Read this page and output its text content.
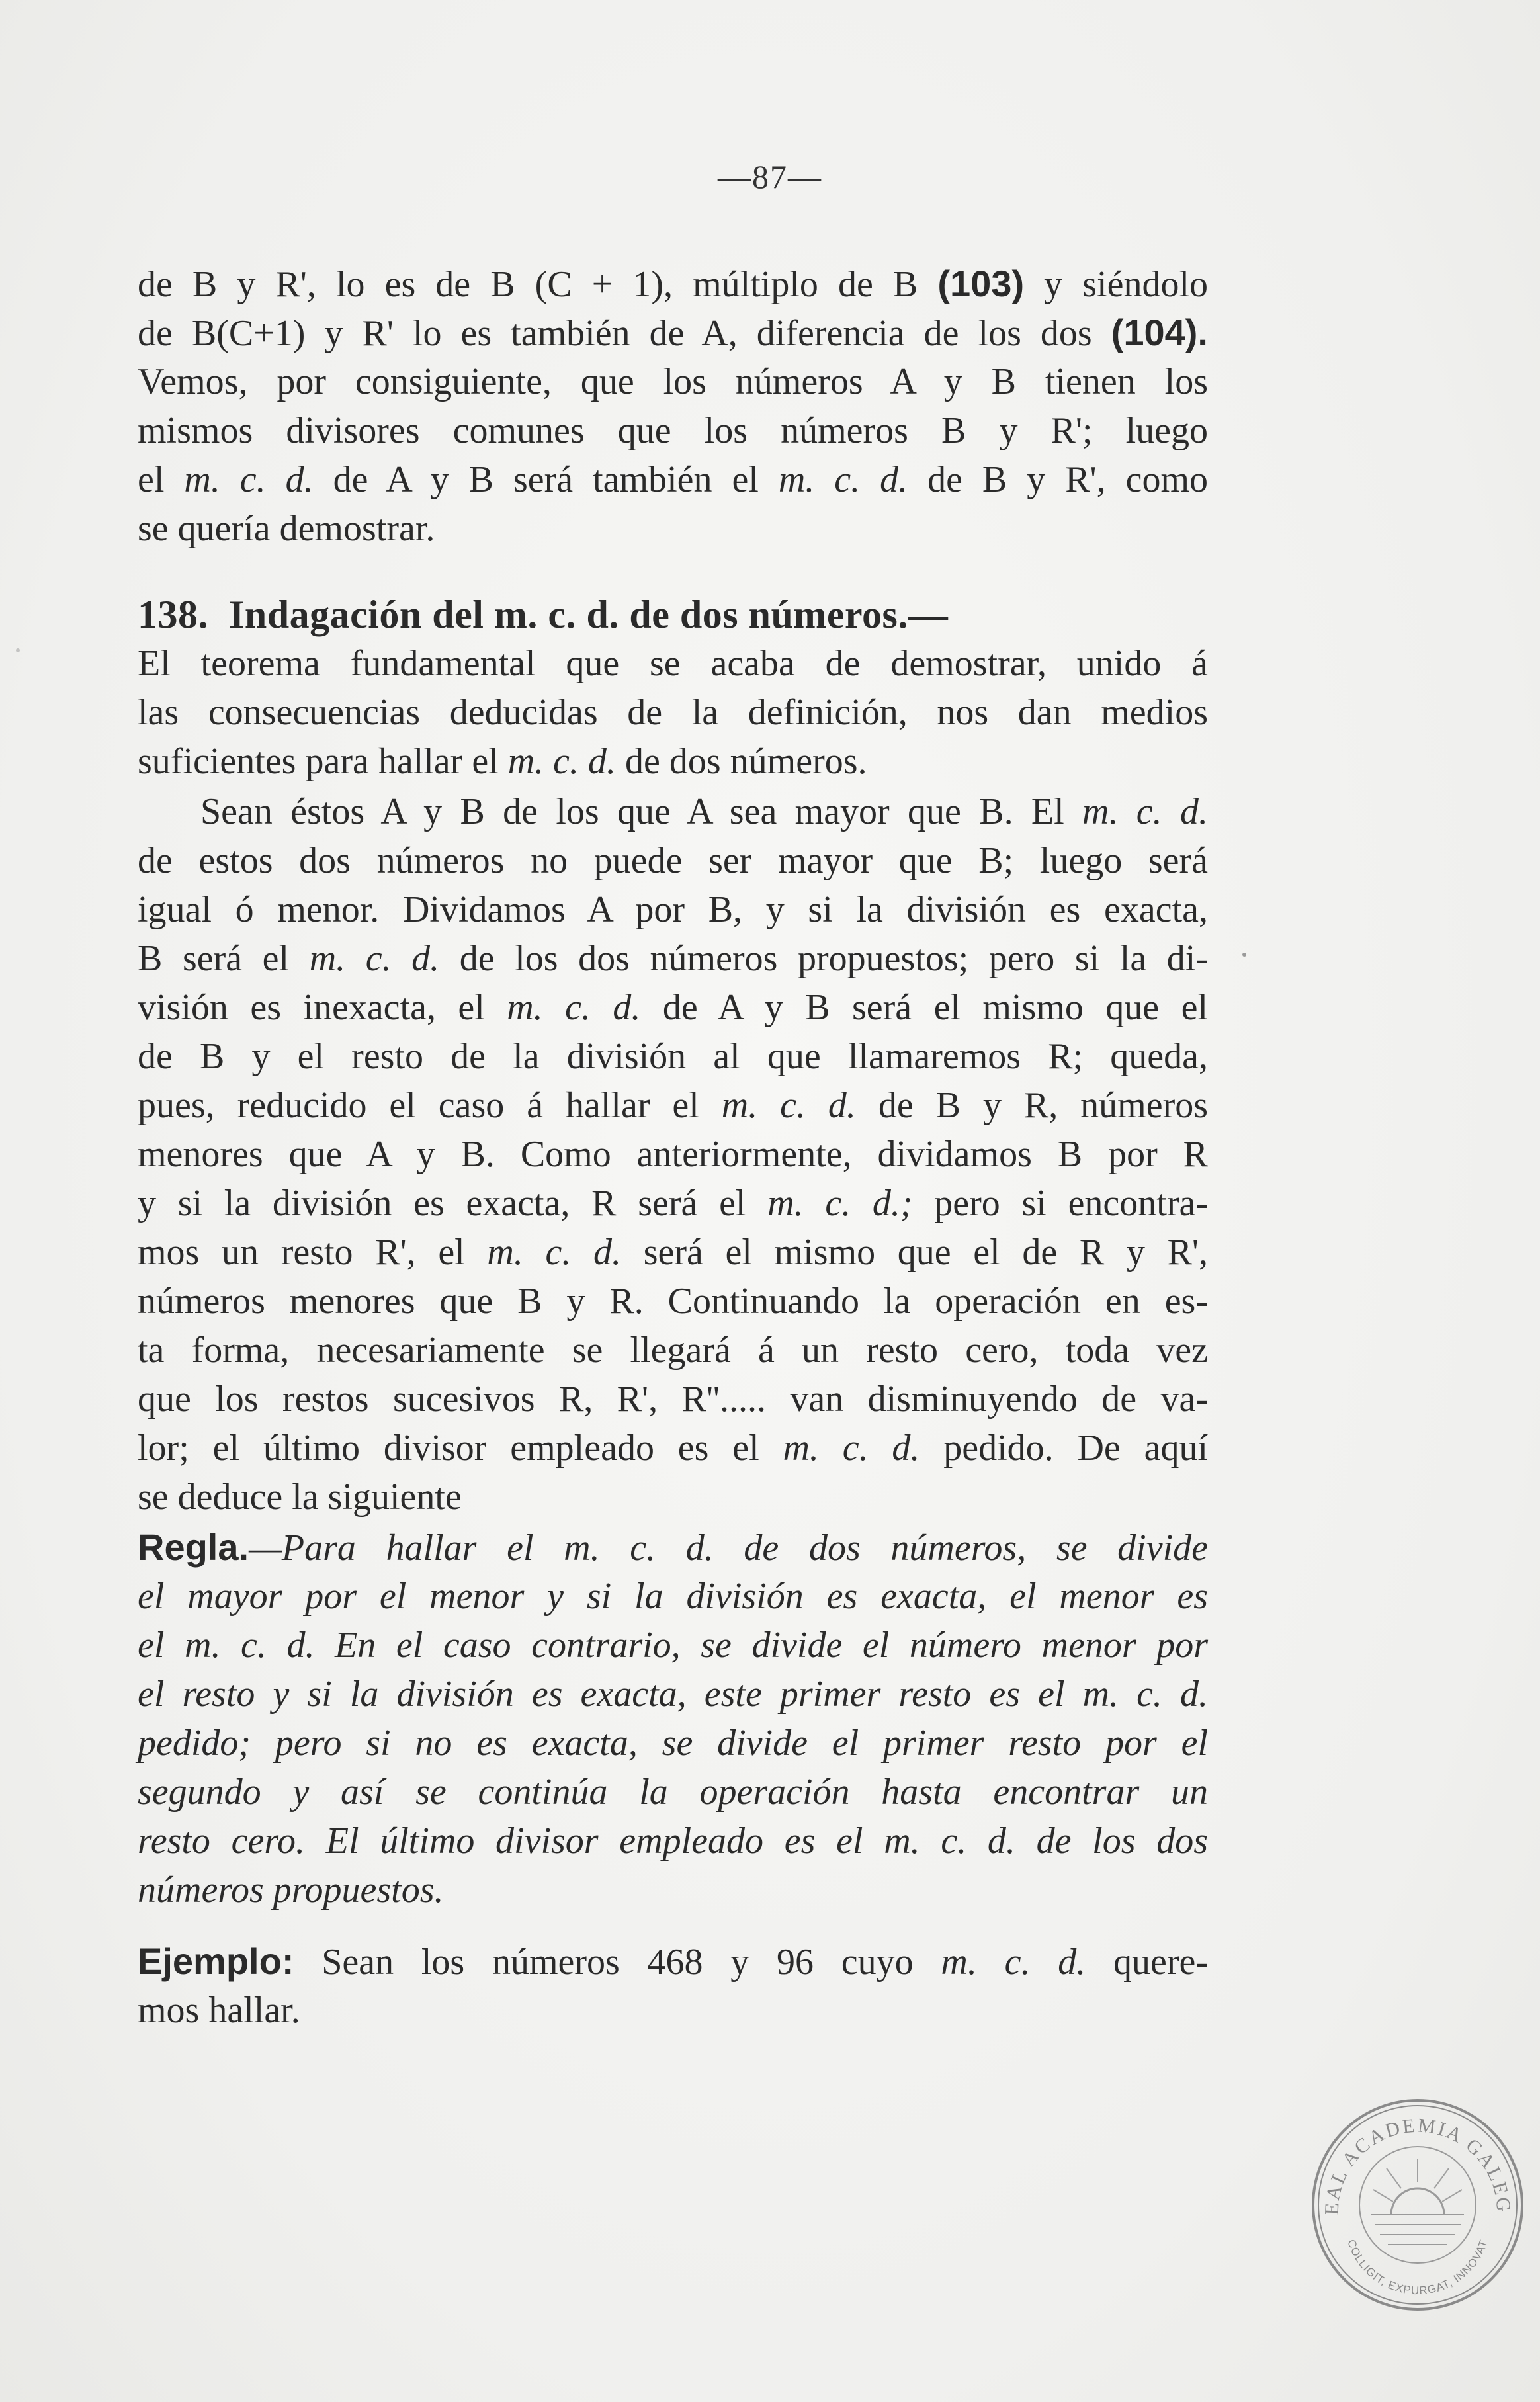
—87—
de B y R', lo es de B (C + 1), múltiplo de B (103) y siéndolo
de B(C+1) y R' lo es también de A, diferencia de los dos (104).
Vemos, por consiguiente, que los números A y B tienen los
mismos divisores comunes que los números B y R'; luego
el m. c. d. de A y B será también el m. c. d. de B y R', como
se quería demostrar.
138. Indagación del m. c. d. de dos números.—
El teorema fundamental que se acaba de demostrar, unido á
las consecuencias deducidas de la definición, nos dan medios
suficientes para hallar el m. c. d. de dos números.
Sean éstos A y B de los que A sea mayor que B. El m. c. d.
de estos dos números no puede ser mayor que B; luego será
igual ó menor. Dividamos A por B, y si la división es exacta,
B será el m. c. d. de los dos números propuestos; pero si la di-
visión es inexacta, el m. c. d. de A y B será el mismo que el
de B y el resto de la división al que llamaremos R; queda,
pues, reducido el caso á hallar el m. c. d. de B y R, números
menores que A y B. Como anteriormente, dividamos B por R
y si la división es exacta, R será el m. c. d.; pero si encontra-
mos un resto R', el m. c. d. será el mismo que el de R y R',
números menores que B y R. Continuando la operación en es-
ta forma, necesariamente se llegará á un resto cero, toda vez
que los restos sucesivos R, R', R''..... van disminuyendo de va-
lor; el último divisor empleado es el m. c. d. pedido. De aquí
se deduce la siguiente
Regla.—Para hallar el m. c. d. de dos números, se divide
el mayor por el menor y si la división es exacta, el menor es
el m. c. d. En el caso contrario, se divide el número menor por
el resto y si la división es exacta, este primer resto es el m. c. d.
pedido; pero si no es exacta, se divide el primer resto por el
segundo y así se continúa la operación hasta encontrar un
resto cero. El último divisor empleado es el m. c. d. de los dos
números propuestos.
Ejemplo: Sean los números 468 y 96 cuyo m. c. d. quere-
mos hallar.
EAL ACADEMIA GALEG
COLLIGIT, EXPURGAT, INNOVAT
